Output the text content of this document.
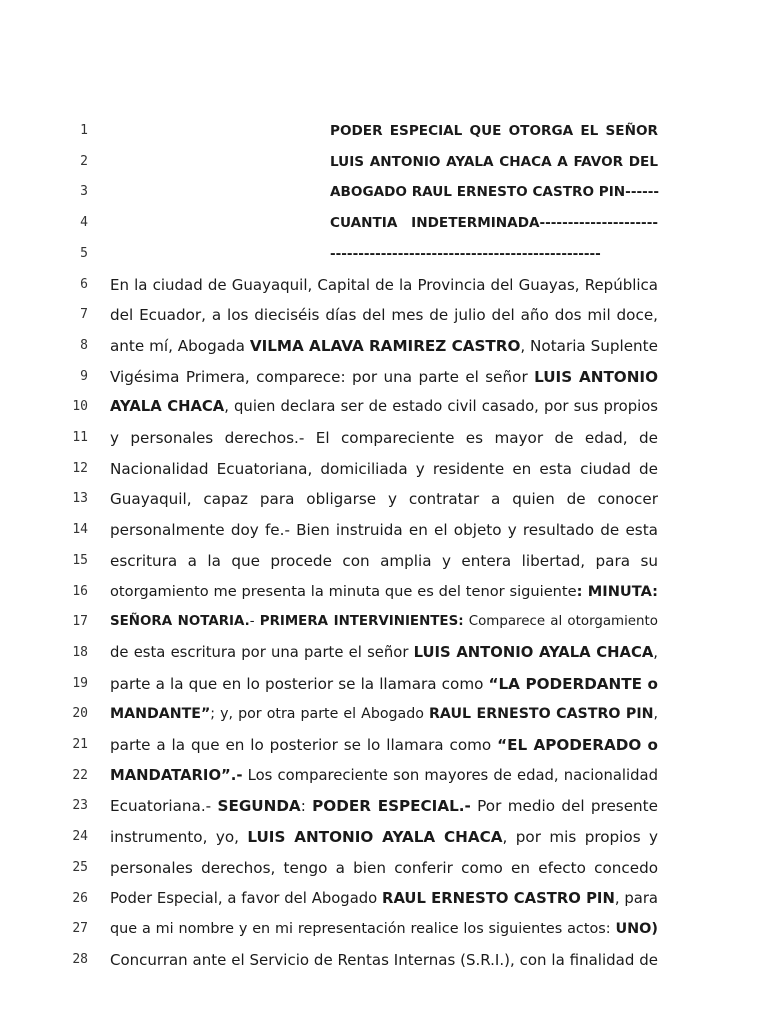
1	PODER ESPECIAL QUE OTORGA EL SEÑOR
2	LUIS ANTONIO AYALA CHACA A FAVOR DEL
3	ABOGADO RAUL ERNESTO CASTRO PIN------
4	CUANTIA INDETERMINADA---------------------
5	------------------------------------------------
6 En la ciudad de Guayaquil, Capital de la Provincia del Guayas, República
7 del Ecuador, a los dieciséis días del mes de julio del año dos mil doce,
8 ante mí, Abogada VILMA ALAVA RAMIREZ CASTRO, Notaria Suplente
9 Vigésima Primera, comparece: por una parte el señor LUIS ANTONIO
10 AYALA CHACA, quien declara ser de estado civil casado, por sus propios
11 y personales derechos.- El compareciente es mayor de edad, de
12 Nacionalidad Ecuatoriana, domiciliada y residente en esta ciudad de
13 Guayaquil, capaz para obligarse y contratar a quien de conocer
14 personalmente doy fe.- Bien instruida en el objeto y resultado de esta
15 escritura a la que procede con amplia y entera libertad, para su
16 otorgamiento me presenta la minuta que es del tenor siguiente: MINUTA:
17 SEÑORA NOTARIA.- PRIMERA INTERVINIENTES: Comparece al otorgamiento
18 de esta escritura por una parte el señor LUIS ANTONIO AYALA CHACA,
19 parte a la que en lo posterior se la llamara como “LA PODERDANTE o
20 MANDANTE”; y, por otra parte el Abogado RAUL ERNESTO CASTRO PIN,
21 parte a la que en lo posterior se lo llamara como “EL APODERADO o
22 MANDATARIO”.- Los compareciente son mayores de edad, nacionalidad
23 Ecuatoriana.- SEGUNDA: PODER ESPECIAL.- Por medio del presente
24 instrumento, yo, LUIS ANTONIO AYALA CHACA, por mis propios y
25 personales derechos, tengo a bien conferir como en efecto concedo
26 Poder Especial, a favor del Abogado RAUL ERNESTO CASTRO PIN, para
27 que a mi nombre y en mi representación realice los siguientes actos: UNO)
28 Concurran ante el Servicio de Rentas Internas (S.R.I.), con la finalidad de
